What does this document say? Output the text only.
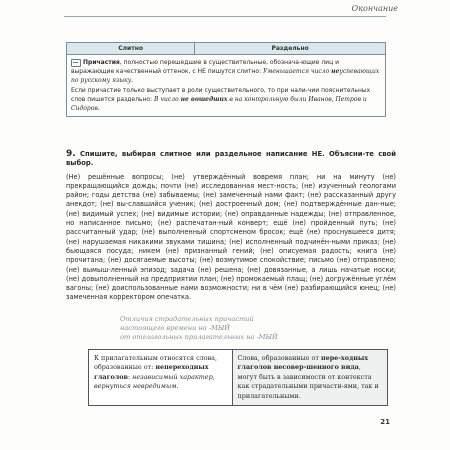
Окончание
Слитно	Раздельно
Причастия, полностью перешедшие в существительные, обознача-ющие лиц и выражающие качественный оттенок, с НЕ пишутся слитно: Уменьшается число неуспевающих по русскому языку.
Если причастие только выступает в роли существительного, то при нали-чии пояснительных слов пишется раздельно: В число не вошедших в на контрольную были Иванов, Петров и Сидоров.
9. Спишите, выбирая слитное или раздельное написание НЕ. Объясни-те свой выбор.

(Не) решённые вопросы; (не) утверждённый вовремя план; ни на минуту (не) прекращающийся дождь; почти (не) исследованная мест-ность; (не) изученный геологами район; годы детства (не) забываемы; (не) замеченный нами факт; (не) рассказанный другу анекдот; (не) вы-славшийся ученик; (не) достроенный дом; (не) подтверждённые дан-ные; (не) видимый успех; (не) видимые истории; (не) оправданные надежды; (не) отправленное, но написанное письмо; (не) распечатан-ный конверт; ещё (не) пройденный путь; (не) рассчитанный удар; (не) выполненный спортсменом бросок; ещё (не) проснувшееся дитя; (не) нарушаемая никакими звуками тишина; (не) исполненный подчинён-ными приказ; (не) бьющаяся посуда; никем (не) признанный гений; (не) описуемая радость; книга (не) прочитана; (не) досягаемые высоты; (не) возмутимое спокойствие; письмо (не) отправлено; (не) вымыш-ленный эпизод; задача (не) решена; (не) довязанные, а лишь начатые носки; (не) довыполненный на предприятии план; (не) промокаемый плащ; (не) догружённые углём вагоны; (не) доиспользованные нами возможности; ни в чём (не) разбирающийся юнец; (не) замеченная корректором опечатка.

Отличия страдательных причастий
настоящего времени на -МЫЙ
от отглагольных прилагательных на -МЫЙ
К прилагательным относятся слова, образованные от: непереходных глаголов: независимый характер, вернуться невредимым.	Слова, образованные от пере-ходных глаголов несовер-шенного вида, могут быть в зависимости от контекста как страдательными причасти-ями, так и прилагательными.
21
